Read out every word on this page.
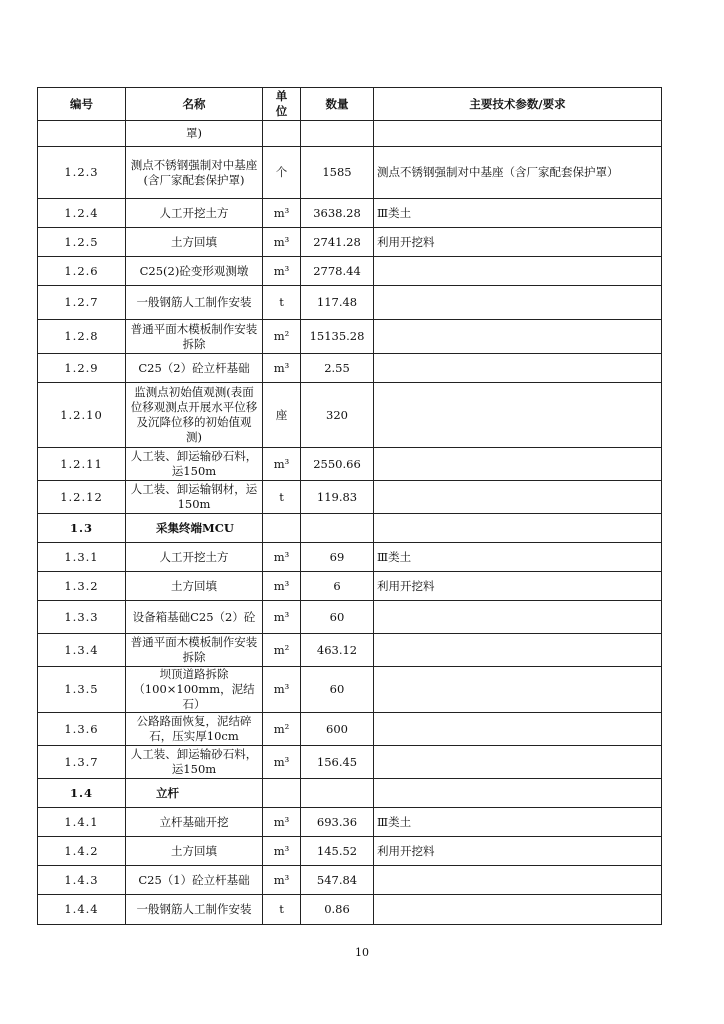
编号	名称	单位	数量	主要技术参数/要求
	罩)			
1.2.3	测点不锈钢强制对中基座(含厂家配套保护罩)	个	1585	测点不锈钢强制对中基座（含厂家配套保护罩）
1.2.4	人工开挖土方	m³	3638.28	Ⅲ类土
1.2.5	土方回填	m³	2741.28	利用开挖料
1.2.6	C25(2)砼变形观测墩	m³	2778.44	
1.2.7	一般钢筋人工制作安装	t	117.48	
1.2.8	普通平面木模板制作安装拆除	m²	15135.28	
1.2.9	C25（2）砼立杆基础	m³	2.55	
1.2.10	监测点初始值观测(表面位移观测点开展水平位移及沉降位移的初始值观测)	座	320	
1.2.11	人工装、卸运输砂石料，运150m	m³	2550.66	
1.2.12	人工装、卸运输钢材，运150m	t	119.83	
1.3	采集终端MCU			
1.3.1	人工开挖土方	m³	69	Ⅲ类土
1.3.2	土方回填	m³	6	利用开挖料
1.3.3	设备箱基础C25（2）砼	m³	60	
1.3.4	普通平面木模板制作安装拆除	m²	463.12	
1.3.5	坝顶道路拆除（100×100mm，泥结石）	m³	60	
1.3.6	公路路面恢复，泥结碎石，压实厚10cm	m²	600	
1.3.7	人工装、卸运输砂石料，运150m	m³	156.45	
1.4	立杆			
1.4.1	立杆基础开挖	m³	693.36	Ⅲ类土
1.4.2	土方回填	m³	145.52	利用开挖料
1.4.3	C25（1）砼立杆基础	m³	547.84	
1.4.4	一般钢筋人工制作安装	t	0.86	
10
